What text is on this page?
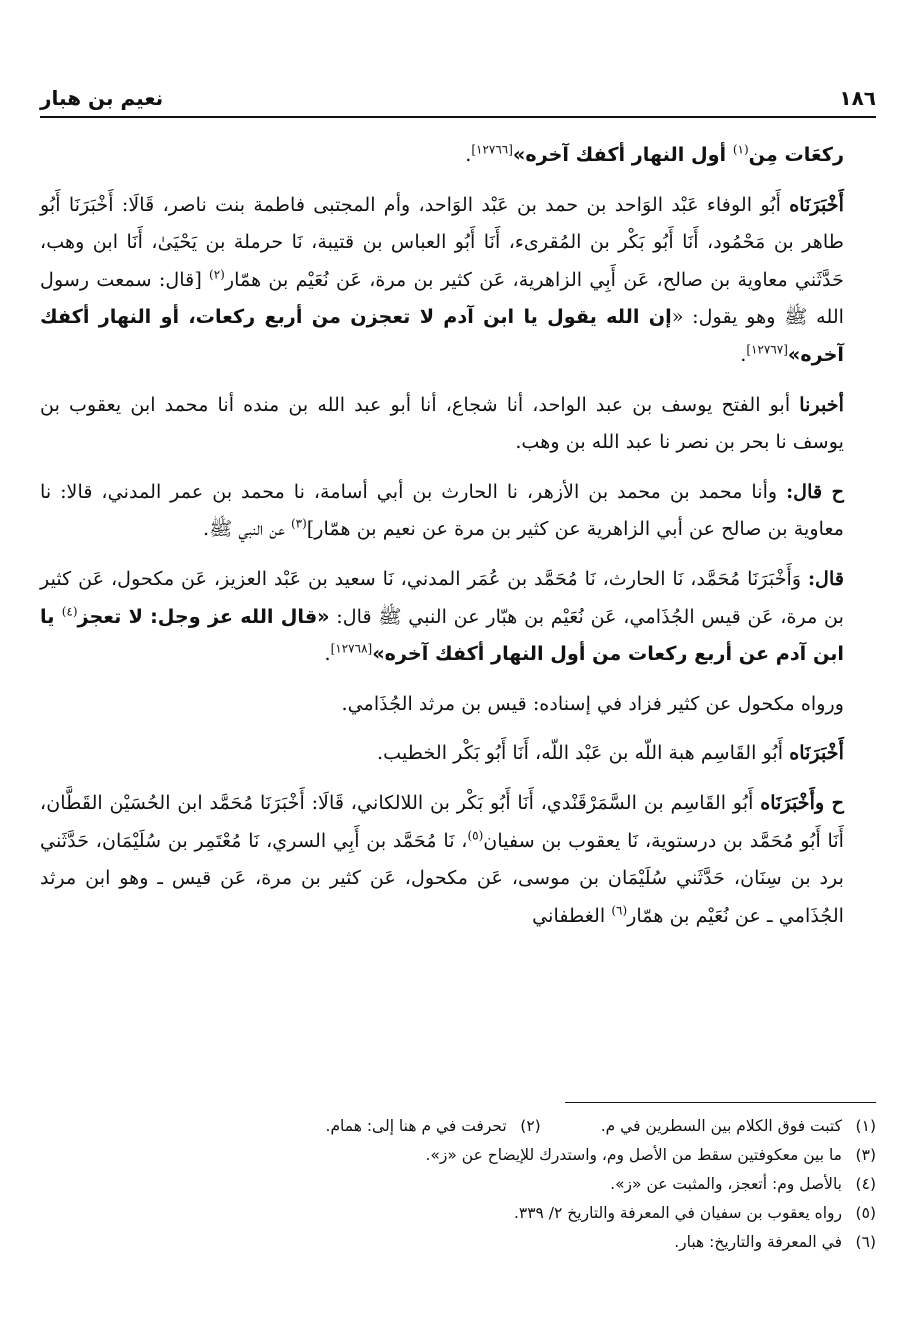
١٨٦
نعيم بن هبار

ركعَات مِن$^{(١)}$ أول النهار أكفك آخره»[١٢٧٦٦].

أَخْبَرَنَاه أَبُو الوفاء عَبْد الوَاحد بن حمد بن عَبْد الوَاحد، وأم المجتبى فاطمة بنت ناصر، قَالَا: أَخْبَرَنَا أَبُو طاهر بن مَحْمُود، أَنَا أَبُو بَكْر بن المُقرىء، أَنَا أَبُو العباس بن قتيبة، نَا حرملة بن يَحْيَىٰ، أَنَا ابن وهب، حَدَّثَني معاوية بن صالح، عَن أَبِي الزاهرية، عَن كثير بن مرة، عَن نُعَيْم بن همّار$^{(٢)}$ [قال: سمعت رسول الله ﷺ وهو يقول: «إن الله يقول يا ابن آدم لا تعجزن من أربع ركعات، أو النهار أكفك آخره»[١٢٧٦٧].

أخبرنا أبو الفتح يوسف بن عبد الواحد، أنا شجاع، أنا أبو عبد الله بن منده أنا محمد ابن يعقوب بن يوسف نا بحر بن نصر نا عبد الله بن وهب.

ح قال: وأنا محمد بن محمد بن الأزهر، نا الحارث بن أبي أسامة، نا محمد بن عمر المدني، قالا: نا معاوية بن صالح عن أبي الزاهرية عن كثير بن مرة عن نعيم بن همّار]$^{(٣)}$ عن النبي ﷺ.

قال: وَأَخْبَرَنَا مُحَمَّد، نَا الحارث، نَا مُحَمَّد بن عُمَر المدني، نَا سعيد بن عَبْد العزيز، عَن مكحول، عَن كثير بن مرة، عَن قيس الجُذَامي، عَن نُعَيْم بن هبّار عن النبي ﷺ قال: «قال الله عز وجل: لا تعجز$^{(٤)}$ يا ابن آدم عن أربع ركعات من أول النهار أكفك آخره»[١٢٧٦٨].

ورواه مكحول عن كثير فزاد في إسناده: قيس بن مرثد الجُذَامي.

أَخْبَرَنَاه أَبُو القَاسِم هبة اللّه بن عَبْد اللّه، أَنَا أَبُو بَكْر الخطيب.

ح وأَخْبَرَنَاه أَبُو القَاسِم بن السَّمَرْقَنْدي، أَنَا أَبُو بَكْر بن اللالكاني، قَالَا: أَخْبَرَنَا مُحَمَّد ابن الحُسَيْن القَطَّان، أَنَا أَبُو مُحَمَّد بن درستوية، نَا يعقوب بن سفيان$^{(٥)}$، نَا مُحَمَّد بن أَبِي السري، نَا مُعْتَمِر بن سُلَيْمَان، حَدَّثَني برد بن سِنَان، حَدَّثَني سُلَيْمَان بن موسى، عَن مكحول، عَن كثير بن مرة، عَن قيس ـ وهو ابن مرثد الجُذَامي ـ عن نُعَيْم بن همّار$^{(٦)}$ الغطفاني

(١)كتبت فوق الكلام بين السطرين في م.
(٢)تحرفت في م هنا إلى: همام.
(٣)ما بين معكوفتين سقط من الأصل وم، واستدرك للإيضاح عن «ز».
(٤)بالأصل وم: أتعجز، والمثبت عن «ز».
(٥)رواه يعقوب بن سفيان في المعرفة والتاريخ ٢/ ٣٣٩.
(٦)في المعرفة والتاريخ: هبار.
